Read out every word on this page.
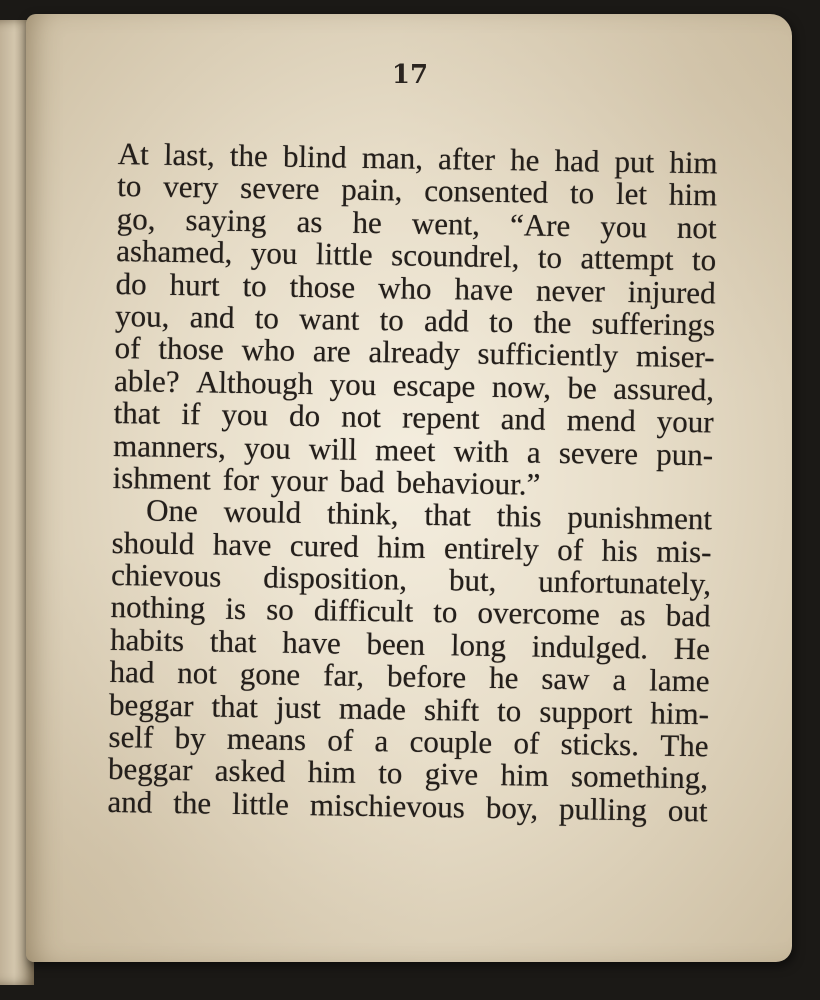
17
At last, the blind man, after he had put him
to very severe pain, consented to let him
go, saying as he went, “Are you not
ashamed, you little scoundrel, to attempt to
do hurt to those who have never injured
you, and to want to add to the sufferings
of those who are already sufficiently miser-
able? Although you escape now, be assured,
that if you do not repent and mend your
manners, you will meet with a severe pun-
ishment for your bad behaviour.”
One would think, that this punishment
should have cured him entirely of his mis-
chievous disposition, but, unfortunately,
nothing is so difficult to overcome as bad
habits that have been long indulged. He
had not gone far, before he saw a lame
beggar that just made shift to support him-
self by means of a couple of sticks. The
beggar asked him to give him something,
and the little mischievous boy, pulling out
